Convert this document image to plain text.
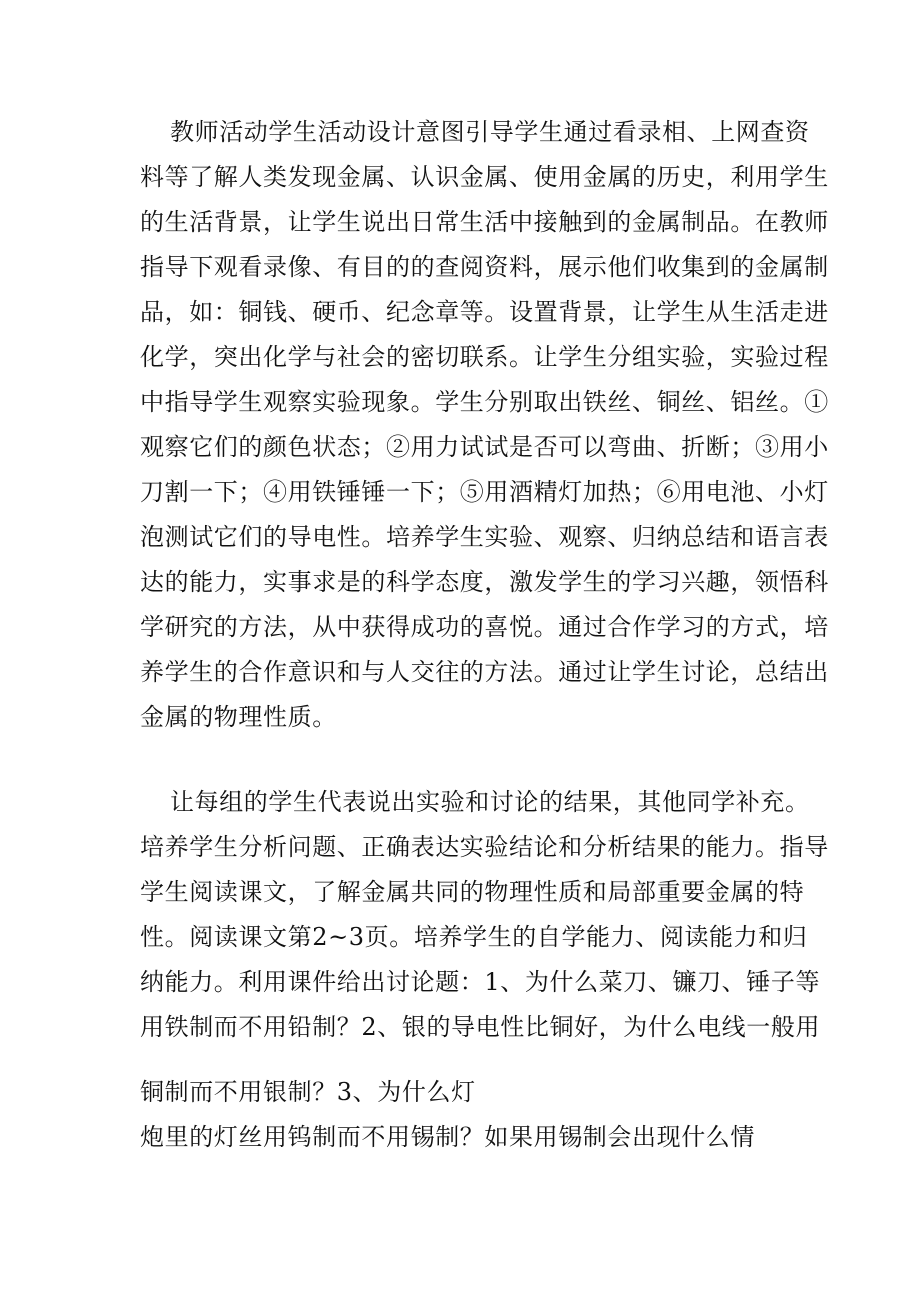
教师活动学生活动设计意图引导学生通过看录相、上网查资
料等了解人类发现金属、认识金属、使用金属的历史，利用学生
的生活背景，让学生说出日常生活中接触到的金属制品。在教师
指导下观看录像、有目的的查阅资料，展示他们收集到的金属制
品，如：铜钱、硬币、纪念章等。设置背景，让学生从生活走进
化学，突出化学与社会的密切联系。让学生分组实验，实验过程
中指导学生观察实验现象。学生分别取出铁丝、铜丝、铝丝。①
观察它们的颜色状态；②用力试试是否可以弯曲、折断；③用小
刀割一下；④用铁锤锤一下；⑤用酒精灯加热；⑥用电池、小灯
泡测试它们的导电性。培养学生实验、观察、归纳总结和语言表
达的能力，实事求是的科学态度，激发学生的学习兴趣，领悟科
学研究的方法，从中获得成功的喜悦。通过合作学习的方式，培
养学生的合作意识和与人交往的方法。通过让学生讨论，总结出
金属的物理性质。
让每组的学生代表说出实验和讨论的结果，其他同学补充。
培养学生分析问题、正确表达实验结论和分析结果的能力。指导
学生阅读课文，了解金属共同的物理性质和局部重要金属的特
性。阅读课文第2~3页。培养学生的自学能力、阅读能力和归
纳能力。利用课件给出讨论题：1、为什么菜刀、镰刀、锤子等
用铁制而不用铅制？2、银的导电性比铜好，为什么电线一般用
铜制而不用银制？3、为什么灯
炮里的灯丝用钨制而不用锡制？如果用锡制会出现什么情
